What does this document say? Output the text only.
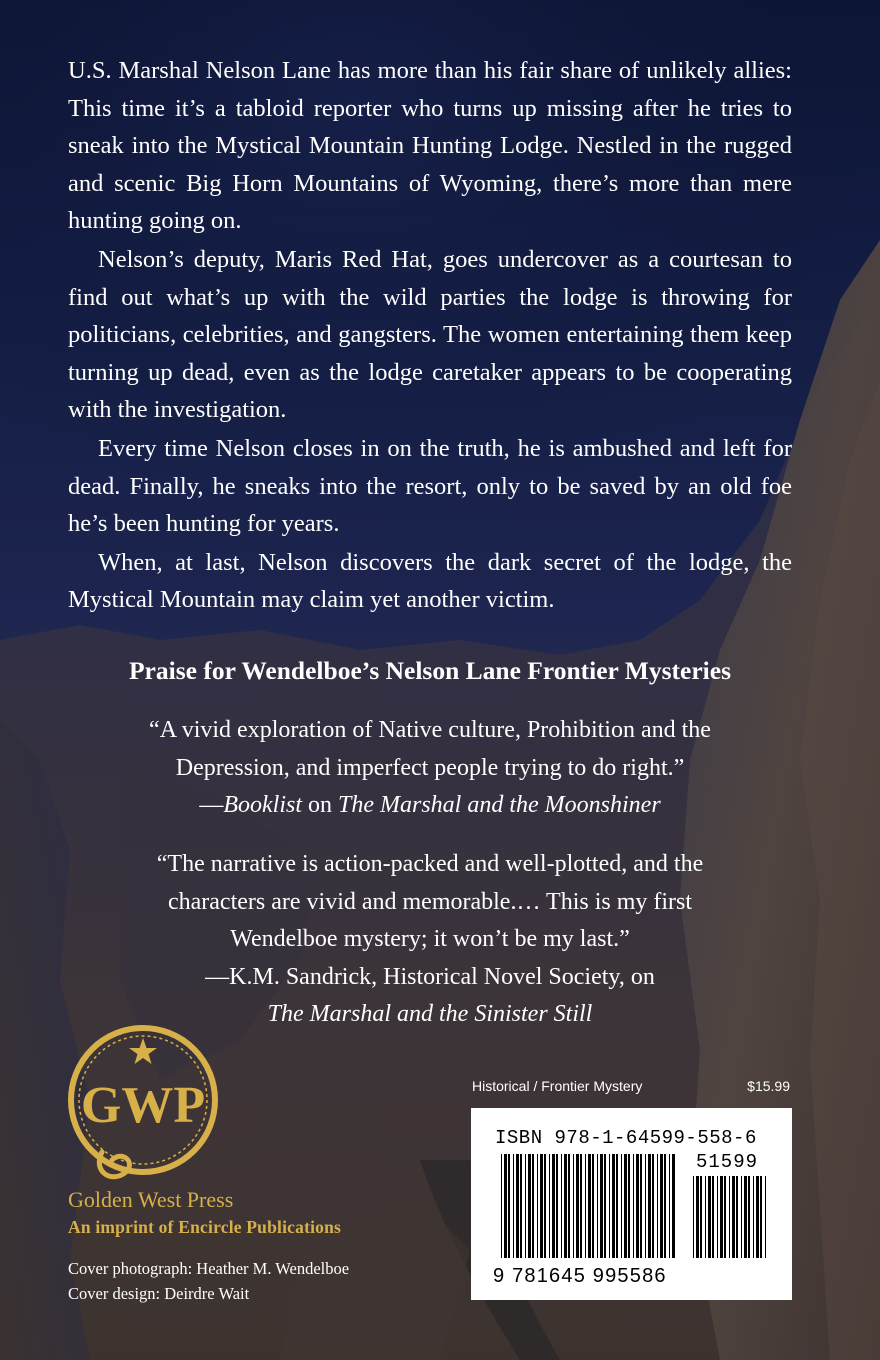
U.S. Marshal Nelson Lane has more than his fair share of unlikely allies: This time it’s a tabloid reporter who turns up missing after he tries to sneak into the Mystical Mountain Hunting Lodge. Nestled in the rugged and scenic Big Horn Mountains of Wyoming, there’s more than mere hunting going on.

Nelson’s deputy, Maris Red Hat, goes undercover as a courtesan to find out what’s up with the wild parties the lodge is throwing for politicians, celebrities, and gangsters. The women entertaining them keep turning up dead, even as the lodge caretaker appears to be cooperating with the investigation.

Every time Nelson closes in on the truth, he is ambushed and left for dead. Finally, he sneaks into the resort, only to be saved by an old foe he’s been hunting for years.

When, at last, Nelson discovers the dark secret of the lodge, the Mystical Mountain may claim yet another victim.

Praise for Wendelboe’s Nelson Lane Frontier Mysteries
“A vivid exploration of Native culture, Prohibition and the
Depression, and imperfect people trying to do right.”
—Booklist on The Marshal and the Moonshiner
“The narrative is action-packed and well-plotted, and the
characters are vivid and memorable.… This is my first
Wendelboe mystery; it won’t be my last.”
—K.M. Sandrick, Historical Novel Society, on
The Marshal and the Sinister Still
GWP
Golden West Press
An imprint of Encircle Publications
Cover photograph: Heather M. Wendelboe
Cover design: Deirdre Wait
Historical / Frontier Mystery	$15.99
ISBN 978-1-64599-558-6
51599
9 781645 995586
